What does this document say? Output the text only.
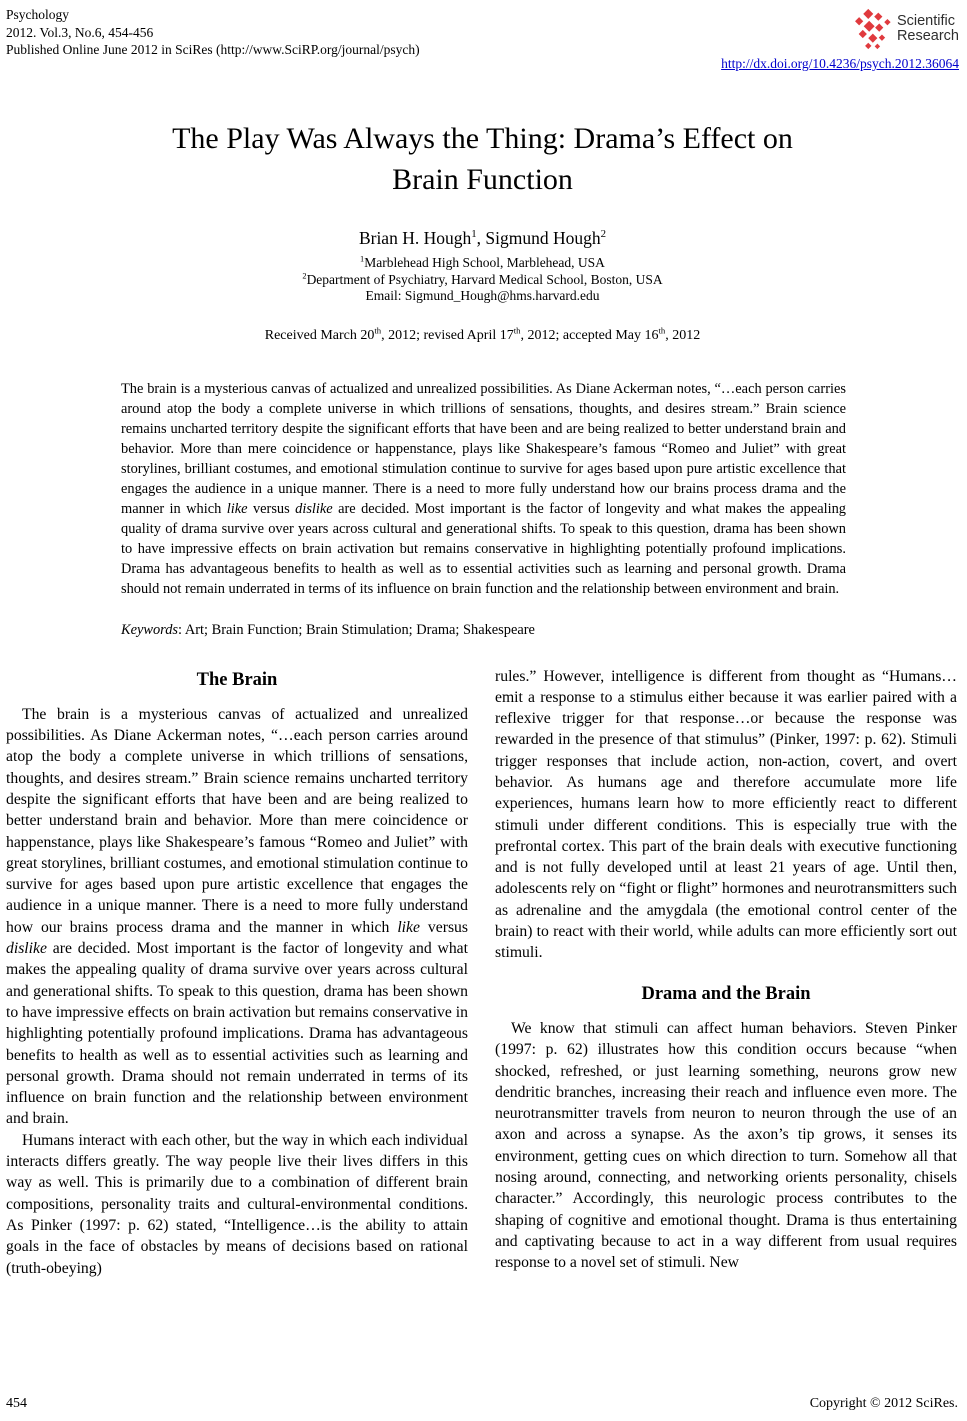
Psychology
2012. Vol.3, No.6, 454-456
Published Online June 2012 in SciRes (http://www.SciRP.org/journal/psych)
Scientific
Research
http://dx.doi.org/10.4236/psych.2012.36064
The Play Was Always the Thing: Drama’s Effect on
Brain Function
Brian H. Hough$^1$, Sigmund Hough$^2$
$^1$Marblehead High School, Marblehead, USA
$^2$Department of Psychiatry, Harvard Medical School, Boston, USA
Email: Sigmund_Hough@hms.harvard.edu
Received March 20th, 2012; revised April 17th, 2012; accepted May 16th, 2012
The brain is a mysterious canvas of actualized and unrealized possibilities. As Diane Ackerman notes, “…each person carries around atop the body a complete universe in which trillions of sensations, thoughts, and desires stream.” Brain science remains uncharted territory despite the significant efforts that have been and are being realized to better understand brain and behavior. More than mere coincidence or happenstance, plays like Shakespeare’s famous “Romeo and Juliet” with great storylines, brilliant costumes, and emotional stimulation continue to survive for ages based upon pure artistic excellence that engages the audience in a unique manner. There is a need to more fully understand how our brains process drama and the manner in which like versus dislike are decided. Most important is the factor of longevity and what makes the appealing quality of drama survive over years across cultural and generational shifts. To speak to this question, drama has been shown to have impressive effects on brain activation but remains conservative in highlighting potentially profound implications. Drama has advantageous benefits to health as well as to essential activities such as learning and personal growth. Drama should not remain underrated in terms of its influence on brain function and the relationship between environment and brain.
Keywords: Art; Brain Function; Brain Stimulation; Drama; Shakespeare
The Brain

The brain is a mysterious canvas of actualized and unrealized possibilities. As Diane Ackerman notes, “…each person carries around atop the body a complete universe in which trillions of sensations, thoughts, and desires stream.” Brain science remains uncharted territory despite the significant efforts that have been and are being realized to better understand brain and behavior. More than mere coincidence or happenstance, plays like Shakespeare’s famous “Romeo and Juliet” with great storylines, brilliant costumes, and emotional stimulation continue to survive for ages based upon pure artistic excellence that engages the audience in a unique manner. There is a need to more fully understand how our brains process drama and the manner in which like versus dislike are decided. Most important is the factor of longevity and what makes the appealing quality of drama survive over years across cultural and generational shifts. To speak to this question, drama has been shown to have impressive effects on brain activation but remains conservative in highlighting potentially profound implications. Drama has advantageous benefits to health as well as to essential activities such as learning and personal growth. Drama should not remain underrated in terms of its influence on brain function and the relationship between environment and brain.

Humans interact with each other, but the way in which each individual interacts differs greatly. The way people live their lives differs in this way as well. This is primarily due to a combination of different brain compositions, personality traits and cultural-environmental conditions. As Pinker (1997: p. 62) stated, “Intelligence…is the ability to attain goals in the face of obstacles by means of decisions based on rational (truth-obeying)

rules.” However, intelligence is different from thought as “Humans…emit a response to a stimulus either because it was earlier paired with a reflexive trigger for that response…or because the response was rewarded in the presence of that stimulus” (Pinker, 1997: p. 62). Stimuli trigger responses that include action, non-action, covert, and overt behavior. As humans age and therefore accumulate more life experiences, humans learn how to more efficiently react to different stimuli under different conditions. This is especially true with the prefrontal cortex. This part of the brain deals with executive functioning and is not fully developed until at least 21 years of age. Until then, adolescents rely on “fight or flight” hormones and neurotransmitters such as adrenaline and the amygdala (the emotional control center of the brain) to react with their world, while adults can more efficiently sort out stimuli.

Drama and the Brain

We know that stimuli can affect human behaviors. Steven Pinker (1997: p. 62) illustrates how this condition occurs because “when shocked, refreshed, or just learning something, neurons grow new dendritic branches, increasing their reach and influence even more. The neurotransmitter travels from neuron to neuron through the use of an axon and across a synapse. As the axon’s tip grows, it senses its environment, getting cues on which direction to turn. Somehow all that nosing around, connecting, and networking orients personality, chisels character.” Accordingly, this neurologic process contributes to the shaping of cognitive and emotional thought. Drama is thus entertaining and captivating because to act in a way different from usual requires response to a novel set of stimuli. New

454	Copyright © 2012 SciRes.
